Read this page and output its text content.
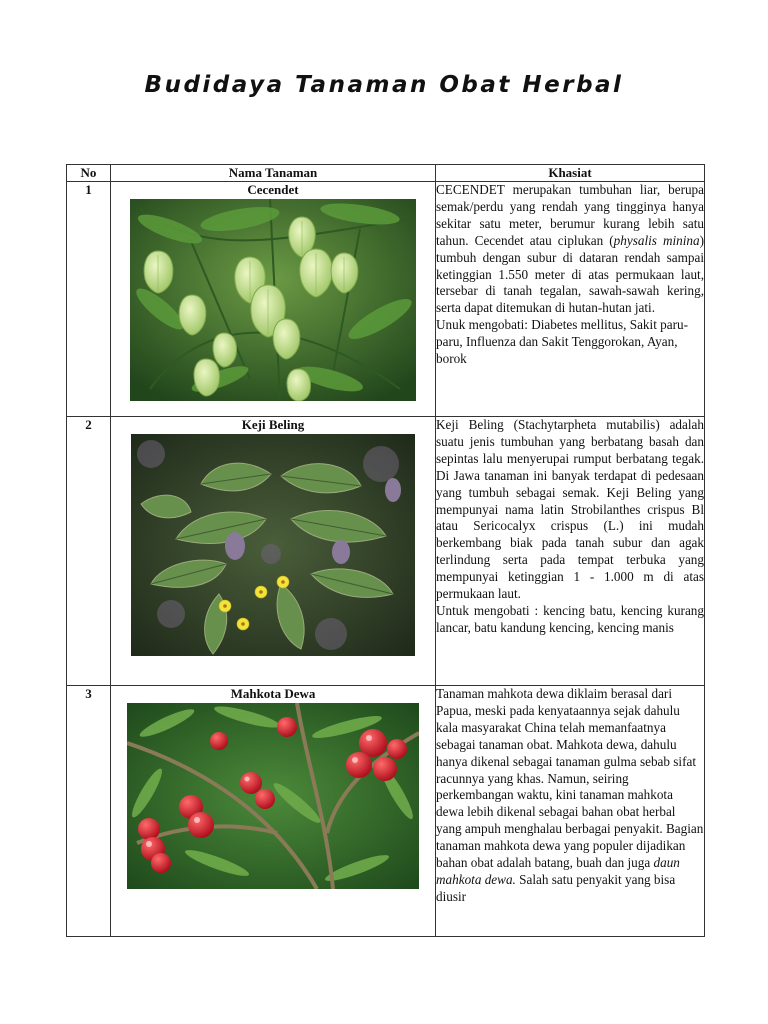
Budidaya Tanaman Obat Herbal
No	Nama Tanaman	Khasiat
1	Cecendet	CECENDET merupakan tumbuhan liar, berupa semak/perdu yang rendah yang tingginya hanya sekitar satu meter, berumur kurang lebih satu tahun. Cecendet atau ciplukan (physalis minina) tumbuh dengan subur di dataran rendah sampai ketinggian 1.550 meter di atas permukaan laut, tersebar di tanah tegalan, sawah-sawah kering, serta dapat ditemukan di hutan-hutan jati.

Unuk mengobati: Diabetes mellitus, Sakit paru-paru, Influenza dan Sakit Tenggorokan, Ayan, borok

2	Keji Beling	Keji Beling (Stachytarpheta mutabilis) adalah suatu jenis tumbuhan yang berbatang basah dan sepintas lalu menyerupai rumput berbatang tegak. Di Jawa tanaman ini banyak terdapat di pedesaan yang tumbuh sebagai semak. Keji Beling yang mempunyai nama latin Strobilanthes crispus Bl atau Sericocalyx crispus (L.) ini mudah berkembang biak pada tanah subur dan agak terlindung serta pada tempat terbuka yang mempunyai ketinggian 1 - 1.000 m di atas permukaan laut.

Untuk mengobati : kencing batu, kencing kurang lancar, batu kandung kencing, kencing manis

3	Mahkota Dewa	Tanaman mahkota dewa diklaim berasal dari Papua, meski pada kenyataannya sejak dahulu kala masyarakat China telah memanfaatnya sebagai tanaman obat. Mahkota dewa, dahulu hanya dikenal sebagai tanaman gulma sebab sifat racunnya yang khas. Namun, seiring perkembangan waktu, kini tanaman mahkota dewa lebih dikenal sebagai bahan obat herbal yang ampuh menghalau berbagai penyakit. Bagian tanaman mahkota dewa yang populer dijadikan bahan obat adalah batang, buah dan juga daun mahkota dewa. Salah satu penyakit yang bisa diusir
